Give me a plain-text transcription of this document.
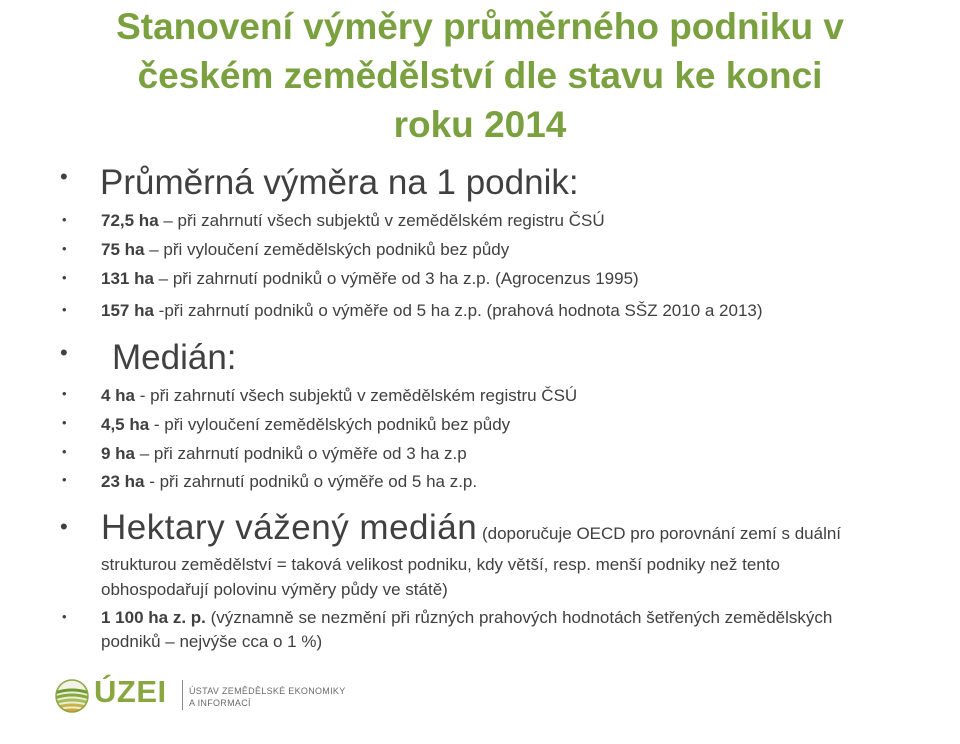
Stanovení výměry průměrného podniku v
českém zemědělství dle stavu ke konci
roku 2014
• Průměrná výměra na 1 podnik:
• 72,5 ha – při zahrnutí všech subjektů v zemědělském registru ČSÚ
• 75 ha – při vyloučení zemědělských podniků bez půdy
• 131 ha – při zahrnutí podniků o výměře od 3 ha z.p. (Agrocenzus 1995)
• 157 ha -při zahrnutí podniků o výměře od 5 ha z.p. (prahová hodnota SŠZ 2010 a 2013)
• Medián:
• 4 ha - při zahrnutí všech subjektů v zemědělském registru ČSÚ
• 4,5 ha - při vyloučení zemědělských podniků bez půdy
• 9 ha – při zahrnutí podniků o výměře od 3 ha z.p
• 23 ha - při zahrnutí podniků o výměře od 5 ha z.p.
• Hektary vážený medián (doporučuje OECD pro porovnání zemí s duální
strukturou zemědělství = taková velikost podniku, kdy větší, resp. menší podniky než tento
obhospodařují polovinu výměry půdy ve státě)
• 1 100 ha z. p. (významně se nezmění při různých prahových hodnotách šetřených zemědělských
podniků – nejvýše cca o 1 %)
ÚZEI ÚSTAV ZEMĚDĚLSKÉ EKONOMIKY
A INFORMACÍ
